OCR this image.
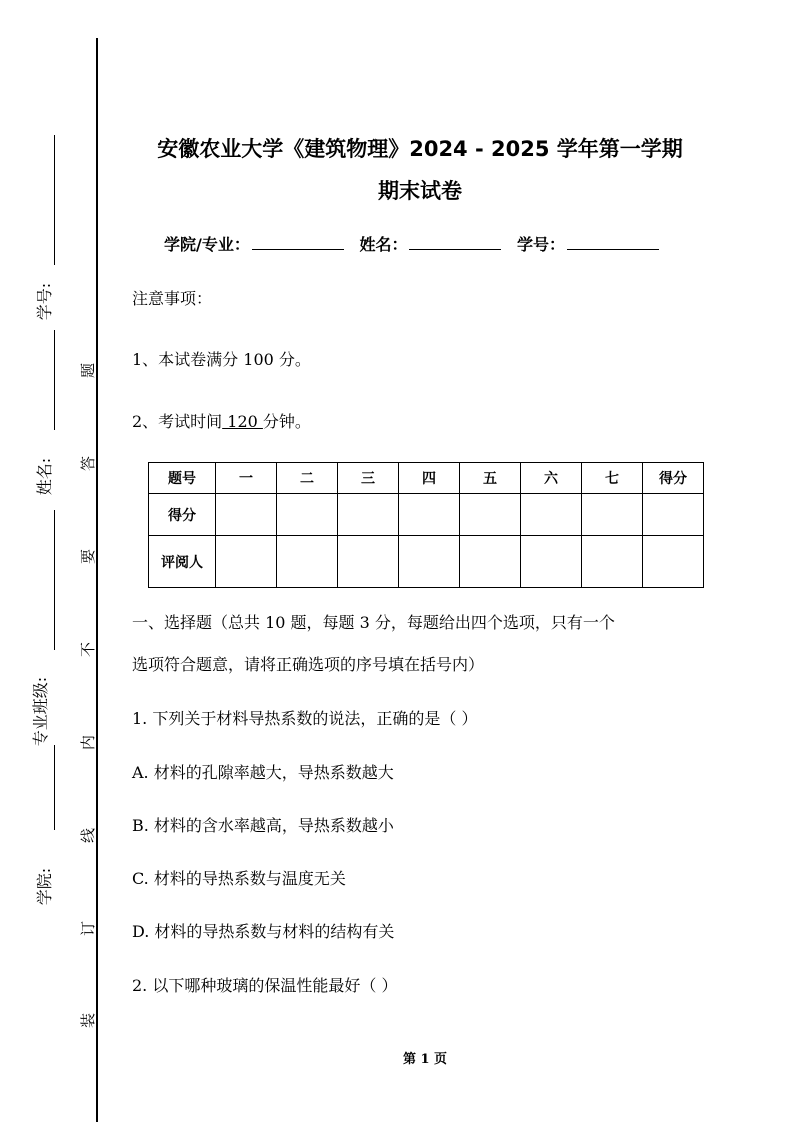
学号:
姓名:
专业班级:
学院:
题
答
要
不
内
线
订
装
安徽农业大学《建筑物理》2024 - 2025 学年第一学期
期末试卷
学院/专业：	姓名：	学号：
注意事项：
1、本试卷满分 100 分。
2、考试时间 120 分钟。
题号	一	二	三	四	五	六	七	得分
得分								
评阅人								
一、选择题（总共 10 题，每题 3 分，每题给出四个选项，只有一个
选项符合题意，请将正确选项的序号填在括号内）
1. 下列关于材料导热系数的说法，正确的是（ ）
A. 材料的孔隙率越大，导热系数越大
B. 材料的含水率越高，导热系数越小
C. 材料的导热系数与温度无关
D. 材料的导热系数与材料的结构有关
2. 以下哪种玻璃的保温性能最好（ ）
第 1 页
